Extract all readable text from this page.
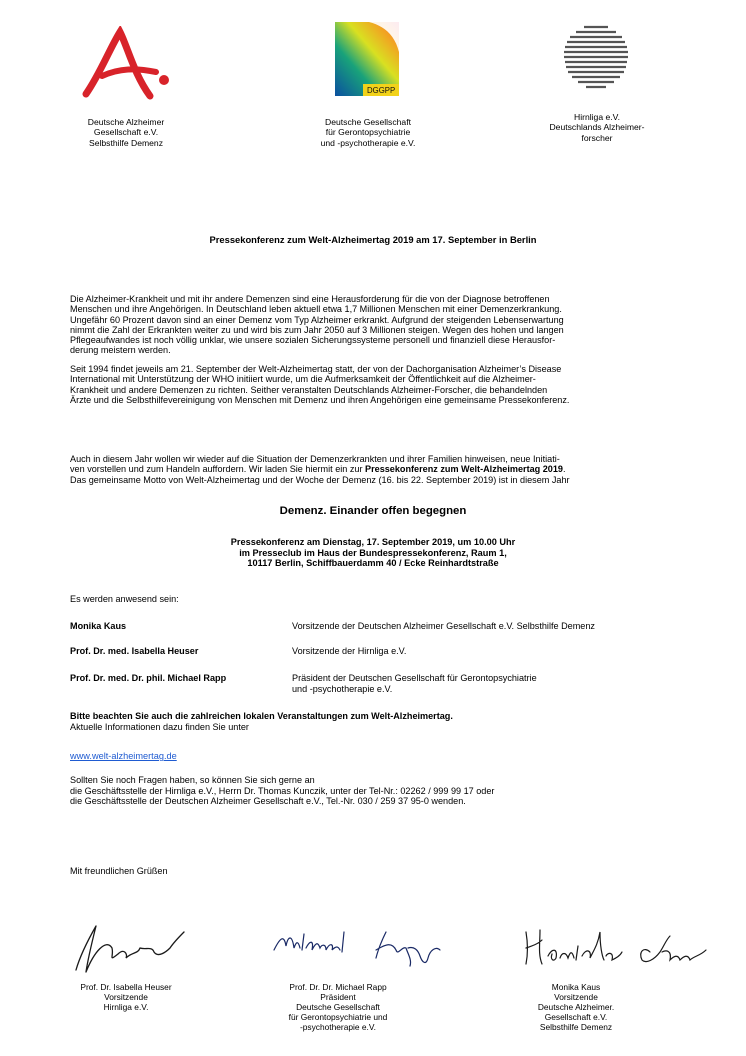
Deutsche Alzheimer
Gesellschaft e.V.
Selbsthilfe Demenz
DGGPP
Deutsche Gesellschaft
für Gerontopsychiatrie
und -psychotherapie e.V.
Hirnliga e.V.
Deutschlands Alzheimer-
forscher
Pressekonferenz zum Welt-Alzheimertag 2019 am 17. September in Berlin
Die Alzheimer-Krankheit und mit ihr andere Demenzen sind eine Herausforderung für die von der Diagnose betroffenen
Menschen und ihre Angehörigen. In Deutschland leben aktuell etwa 1,7 Millionen Menschen mit einer Demenzerkrankung.
Ungefähr 60 Prozent davon sind an einer Demenz vom Typ Alzheimer erkrankt. Aufgrund der steigenden Lebenserwartung
nimmt die Zahl der Erkrankten weiter zu und wird bis zum Jahr 2050 auf 3 Millionen steigen. Wegen des hohen und langen
Pflegeaufwandes ist noch völlig unklar, wie unsere sozialen Sicherungssysteme personell und finanziell diese Herausfor-
derung meistern werden.
Seit 1994 findet jeweils am 21. September der Welt-Alzheimertag statt, der von der Dachorganisation Alzheimer’s Disease
International mit Unterstützung der WHO initiiert wurde, um die Aufmerksamkeit der Öffentlichkeit auf die Alzheimer-
Krankheit und andere Demenzen zu richten. Seither veranstalten Deutschlands Alzheimer-Forscher, die behandelnden
Ärzte und die Selbsthilfevereinigung von Menschen mit Demenz und ihren Angehörigen eine gemeinsame Pressekonferenz.
Auch in diesem Jahr wollen wir wieder auf die Situation der Demenzerkrankten und ihrer Familien hinweisen, neue Initiati-
ven vorstellen und zum Handeln auffordern. Wir laden Sie hiermit ein zur Pressekonferenz zum Welt-Alzheimertag 2019.
Das gemeinsame Motto von Welt-Alzheimertag und der Woche der Demenz (16. bis 22. September 2019) ist in diesem Jahr
Demenz. Einander offen begegnen
Pressekonferenz am Dienstag, 17. September 2019, um 10.00 Uhr
im Presseclub im Haus der Bundespressekonferenz, Raum 1,
10117 Berlin, Schiffbauerdamm 40 / Ecke Reinhardtstraße
Es werden anwesend sein:
Monika Kaus	Vorsitzende der Deutschen Alzheimer Gesellschaft e.V. Selbsthilfe Demenz
Prof. Dr. med. Isabella Heuser	Vorsitzende der Hirnliga e.V.
Prof. Dr. med. Dr. phil. Michael Rapp	Präsident der Deutschen Gesellschaft für Gerontopsychiatrie
und -psychotherapie e.V.
Bitte beachten Sie auch die zahlreichen lokalen Veranstaltungen zum Welt-Alzheimertag.
Aktuelle Informationen dazu finden Sie unter
www.welt-alzheimertag.de
Sollten Sie noch Fragen haben, so können Sie sich gerne an
die Geschäftsstelle der Hirnliga e.V., Herrn Dr. Thomas Kunczik, unter der Tel-Nr.: 02262 / 999 99 17 oder
die Geschäftsstelle der Deutschen Alzheimer Gesellschaft e.V., Tel.-Nr. 030 / 259 37 95-0 wenden.
Mit freundlichen Grüßen
Prof. Dr. Isabella Heuser
Vorsitzende
Hirnliga e.V.
Prof. Dr. Dr. Michael Rapp
Präsident
Deutsche Gesellschaft
für Gerontopsychiatrie und
-psychotherapie e.V.
Monika Kaus
Vorsitzende
Deutsche Alzheimer.
Gesellschaft e.V.
Selbsthilfe Demenz
